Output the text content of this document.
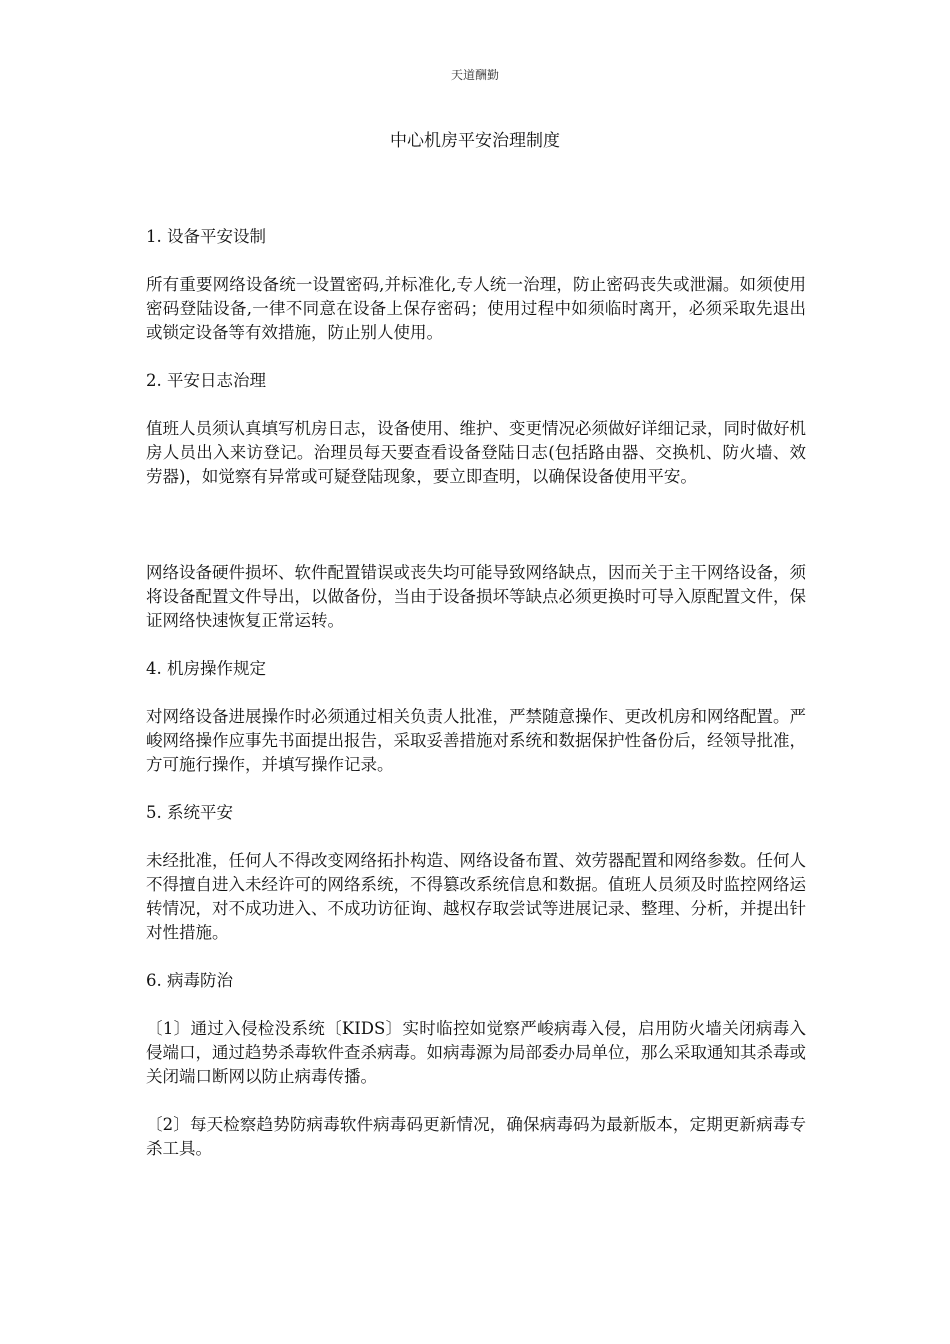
天道酬勤
中心机房平安治理制度
1. 设备平安设制
所有重要网络设备统一设置密码,并标准化,专人统一治理，防止密码丧失或泄漏。如须使用密码登陆设备,一律不同意在设备上保存密码；使用过程中如须临时离开，必须采取先退出或锁定设备等有效措施，防止别人使用。
2. 平安日志治理
值班人员须认真填写机房日志，设备使用、维护、变更情况必须做好详细记录，同时做好机房人员出入来访登记。治理员每天要查看设备登陆日志(包括路由器、交换机、防火墙、效劳器)，如觉察有异常或可疑登陆现象，要立即查明，以确保设备使用平安。
网络设备硬件损坏、软件配置错误或丧失均可能导致网络缺点，因而关于主干网络设备，须将设备配置文件导出，以做备份，当由于设备损坏等缺点必须更换时可导入原配置文件，保证网络快速恢复正常运转。
4. 机房操作规定
对网络设备进展操作时必须通过相关负责人批准，严禁随意操作、更改机房和网络配置。严峻网络操作应事先书面提出报告，采取妥善措施对系统和数据保护性备份后，经领导批准，方可施行操作，并填写操作记录。
5. 系统平安
未经批准，任何人不得改变网络拓扑构造、网络设备布置、效劳器配置和网络参数。任何人不得擅自进入未经许可的网络系统，不得篡改系统信息和数据。值班人员须及时监控网络运转情况，对不成功进入、不成功访征询、越权存取尝试等进展记录、整理、分析，并提出针对性措施。
6. 病毒防治
〔1〕通过入侵检没系统〔KIDS〕实时临控如觉察严峻病毒入侵，启用防火墙关闭病毒入侵端口，通过趋势杀毒软件查杀病毒。如病毒源为局部委办局单位，那么采取通知其杀毒或关闭端口断网以防止病毒传播。
〔2〕每天检察趋势防病毒软件病毒码更新情况，确保病毒码为最新版本，定期更新病毒专杀工具。
